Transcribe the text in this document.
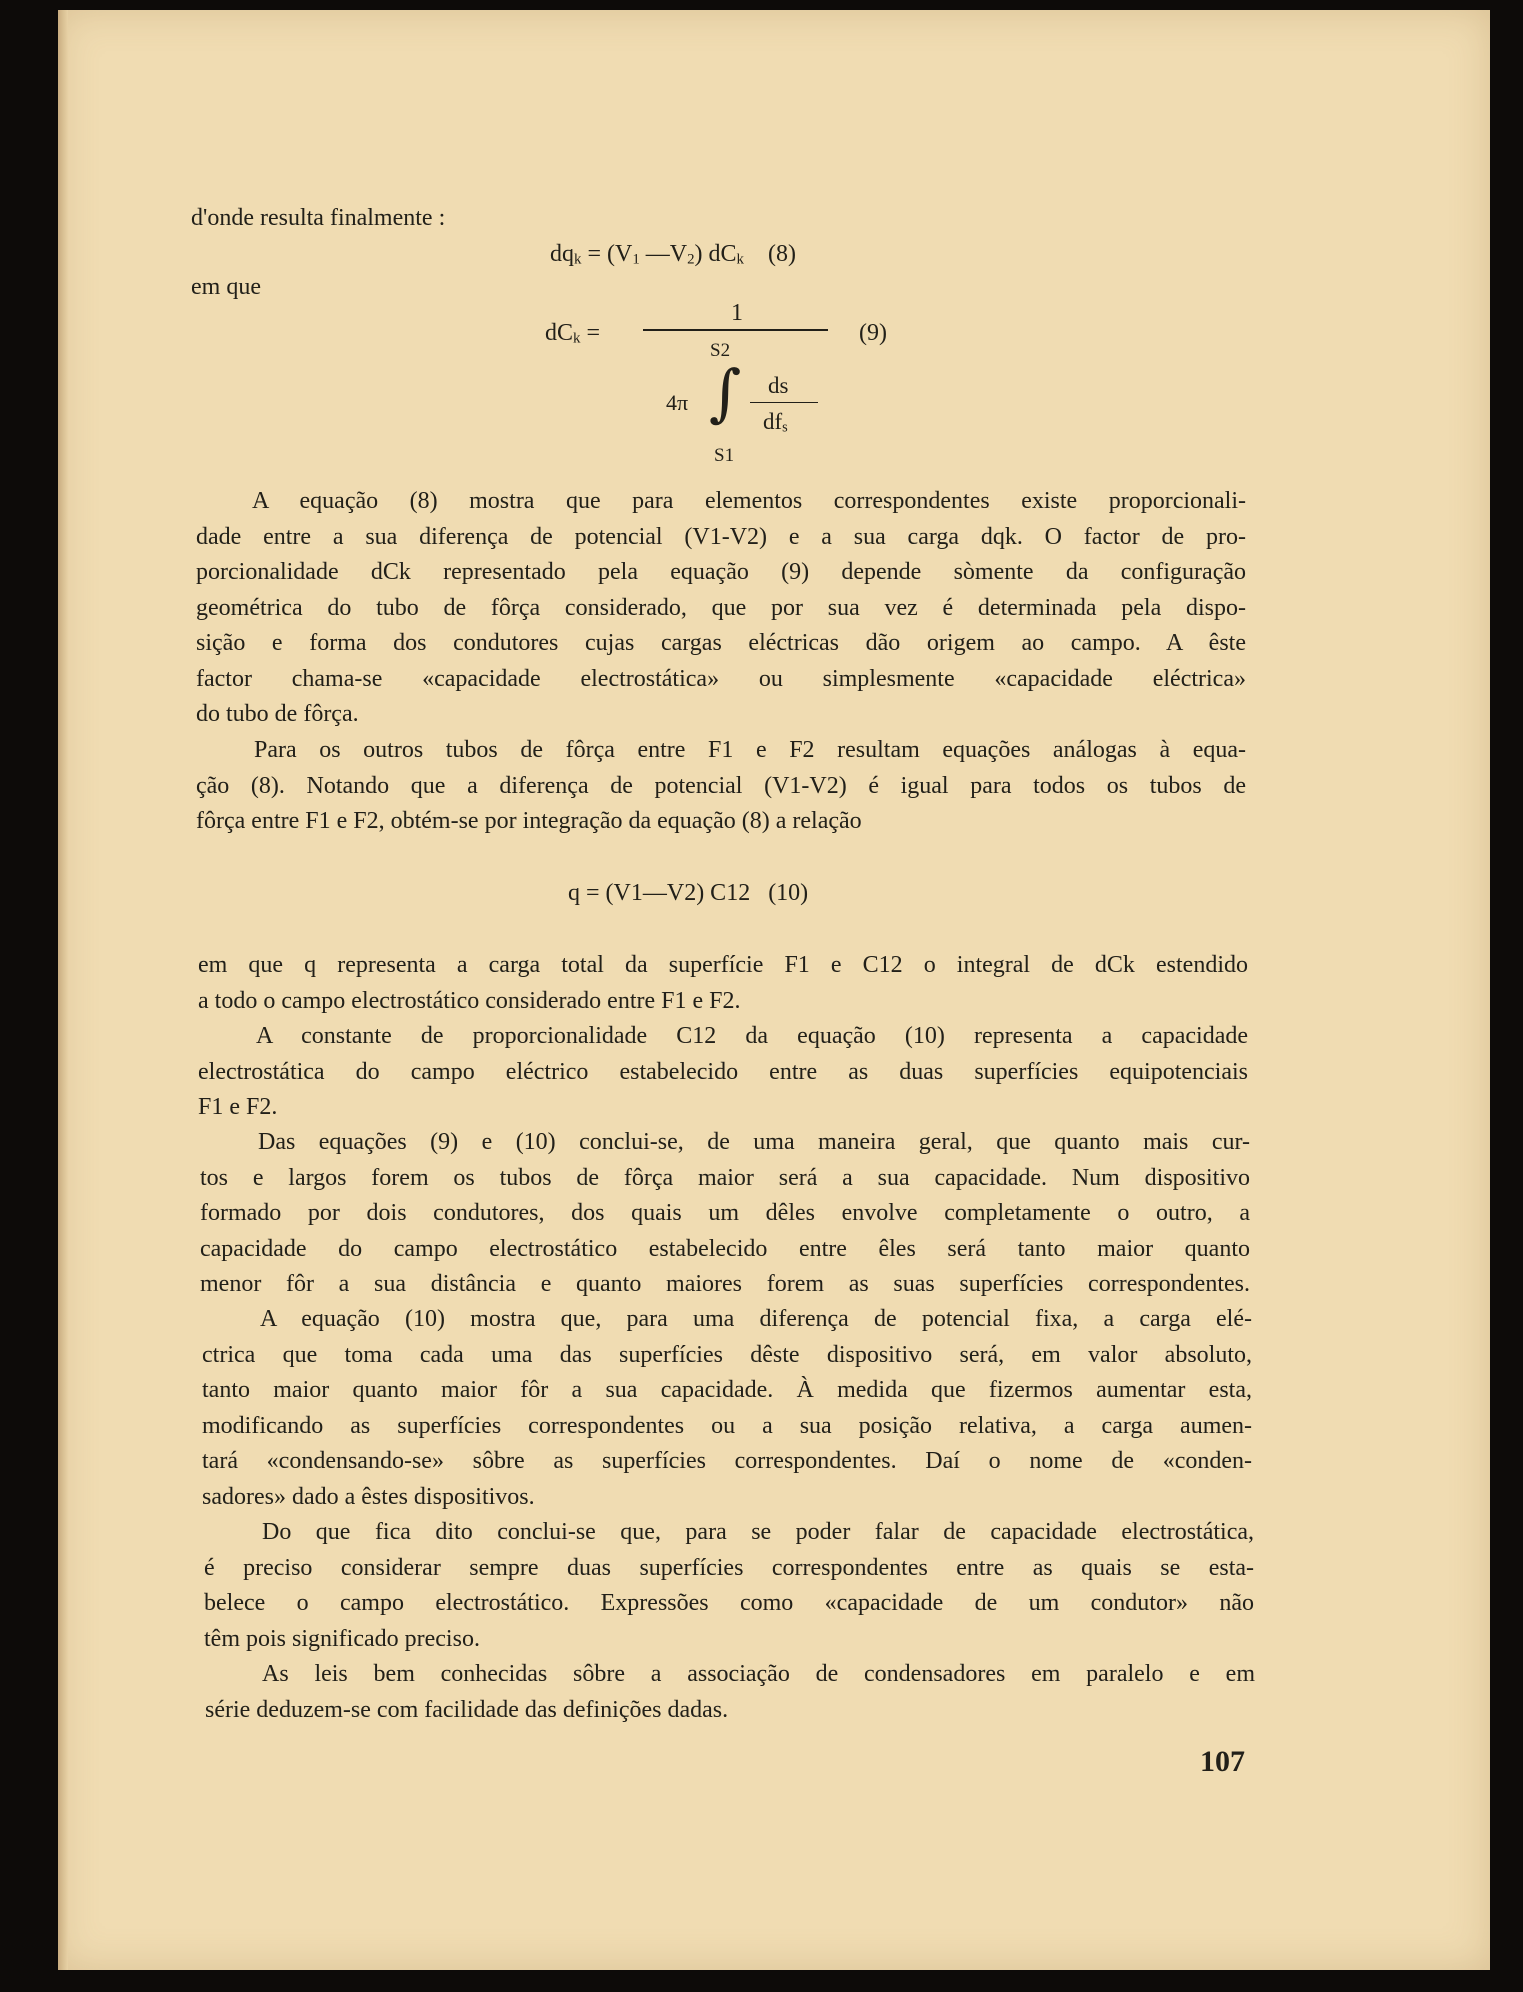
d'onde resulta finalmente :
em que
$dq_k = (V_1$ $—V_2$) $dC_k$ (8)
$dC_k$ =
1
(9)
S2
4π ∫ ds
$df_s$
S1
A equação (8) mostra que para elementos correspondentes existe proporcionali-
dade entre a sua diferença de potencial (V1-V2) e a sua carga dqk. O factor de pro-
porcionalidade dCk representado pela equação (9) depende sòmente da configuração
geométrica do tubo de fôrça considerado, que por sua vez é determinada pela dispo-
sição e forma dos condutores cujas cargas eléctricas dão origem ao campo. A êste
factor chama-se «capacidade electrostática» ou simplesmente «capacidade eléctrica»
do tubo de fôrça.
Para os outros tubos de fôrça entre F1 e F2 resultam equações análogas à equa-
ção (8). Notando que a diferença de potencial (V1-V2) é igual para todos os tubos de
fôrça entre F1 e F2, obtém-se por integração da equação (8) a relação
q = (V1—V2) C12   (10)
em que q representa a carga total da superfície F1 e C12 o integral de dCk estendido
a todo o campo electrostático considerado entre F1 e F2.
A constante de proporcionalidade C12 da equação (10) representa a capacidade
electrostática do campo eléctrico estabelecido entre as duas superfícies equipotenciais
F1 e F2.
Das equações (9) e (10) conclui-se, de uma maneira geral, que quanto mais cur-
tos e largos forem os tubos de fôrça maior será a sua capacidade. Num dispositivo
formado por dois condutores, dos quais um dêles envolve completamente o outro, a
capacidade do campo electrostático estabelecido entre êles será tanto maior quanto
menor fôr a sua distância e quanto maiores forem as suas superfícies correspondentes.
A equação (10) mostra que, para uma diferença de potencial fixa, a carga elé-
ctrica que toma cada uma das superfícies dêste dispositivo será, em valor absoluto,
tanto maior quanto maior fôr a sua capacidade. À medida que fizermos aumentar esta,
modificando as superfícies correspondentes ou a sua posição relativa, a carga aumen-
tará «condensando-se» sôbre as superfícies correspondentes. Daí o nome de «conden-
sadores» dado a êstes dispositivos.
Do que fica dito conclui-se que, para se poder falar de capacidade electrostática,
é preciso considerar sempre duas superfícies correspondentes entre as quais se esta-
belece o campo electrostático. Expressões como «capacidade de um condutor» não
têm pois significado preciso.
As leis bem conhecidas sôbre a associação de condensadores em paralelo e em
série deduzem-se com facilidade das definições dadas.
107
